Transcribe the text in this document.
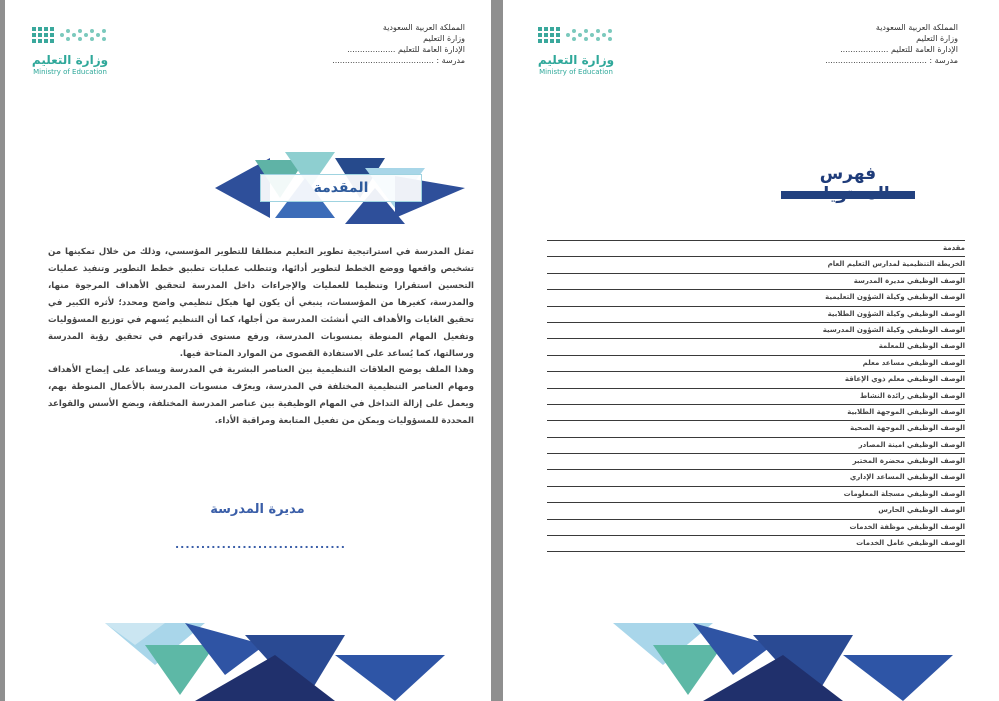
وزارة التعليم
Ministry of Education
المملكة العربية السعودية
وزارة التعليم
الإدارة العامة للتعليم ...................
مدرسة : ........................................
المقدمة

تمثل المدرسة في استراتيجية تطوير التعليم منطلقا للتطوير المؤسسي، وذلك من خلال تمكينها من تشخيص واقعها ووضع الخطط لتطوير أدائها، وتتطلب عمليات تطبيق خطط التطوير وتنفيذ عمليات التحسين استقرارا وتنظيما للعمليات والإجراءات داخل المدرسة لتحقيق الأهداف المرجوة منها، والمدرسة، كغيرها من المؤسسات، ينبغي أن يكون لها هيكل تنظيمي واضح ومحدد؛ لأثره الكبير في تحقيق الغايات والأهداف التي أنشئت المدرسة من أجلها، كما أن التنظيم يُسهم في توزيع المسؤوليات وتفعيل المهام المنوطة بمنسوبات المدرسة، ورفع مستوى قدراتهم في تحقيق رؤية المدرسة ورسالتها، كما يُساعد على الاستفادة القصوى من الموارد المتاحة فيها.

وهذا الملف يوضح العلاقات التنظيمية بين العناصر البشرية في المدرسة ويساعد على إيضاح الأهداف ومهام العناصر التنظيمية المختلفة في المدرسة، ويعرّف منسوبات المدرسة بالأعمال المنوطة بهم، ويعمل على إزالة التداخل في المهام الوظيفية بين عناصر المدرسة المختلفة، ويضع الأسس والقواعد المحددة للمسؤوليات ويمكن من تفعيل المتابعة ومراقبة الأداء.

مديرة المدرسة
.................................
وزارة التعليم
Ministry of Education
المملكة العربية السعودية
وزارة التعليم
الإدارة العامة للتعليم ...................
مدرسة : ........................................
فهرس
مقدمة
الخريطة التنظيمية لمدارس التعليم العام
الوصف الوظيفي مديرة المدرسة
الوصف الوظيفي وكيلة الشؤون التعليمية
الوصف الوظيفي وكيلة الشؤون الطلابية
الوصف الوظيفي وكيلة الشؤون المدرسية
الوصف الوظيفي للمعلمة
الوصف الوظيفي مساعد معلم
الوصف الوظيفي معلم ذوي الإعاقة
الوصف الوظيفي رائدة النشاط
الوصف الوظيفي الموجهة الطلابية
الوصف الوظيفي الموجهة الصحية
الوصف الوظيفي امينة المصادر
الوصف الوظيفي محضرة المختبر
الوصف الوظيفي المساعد الإداري
الوصف الوظيفي مسجلة المعلومات
الوصف الوظيفي الحارس
الوصف الوظيفي موظفة الخدمات
الوصف الوظيفي عامل الخدمات
